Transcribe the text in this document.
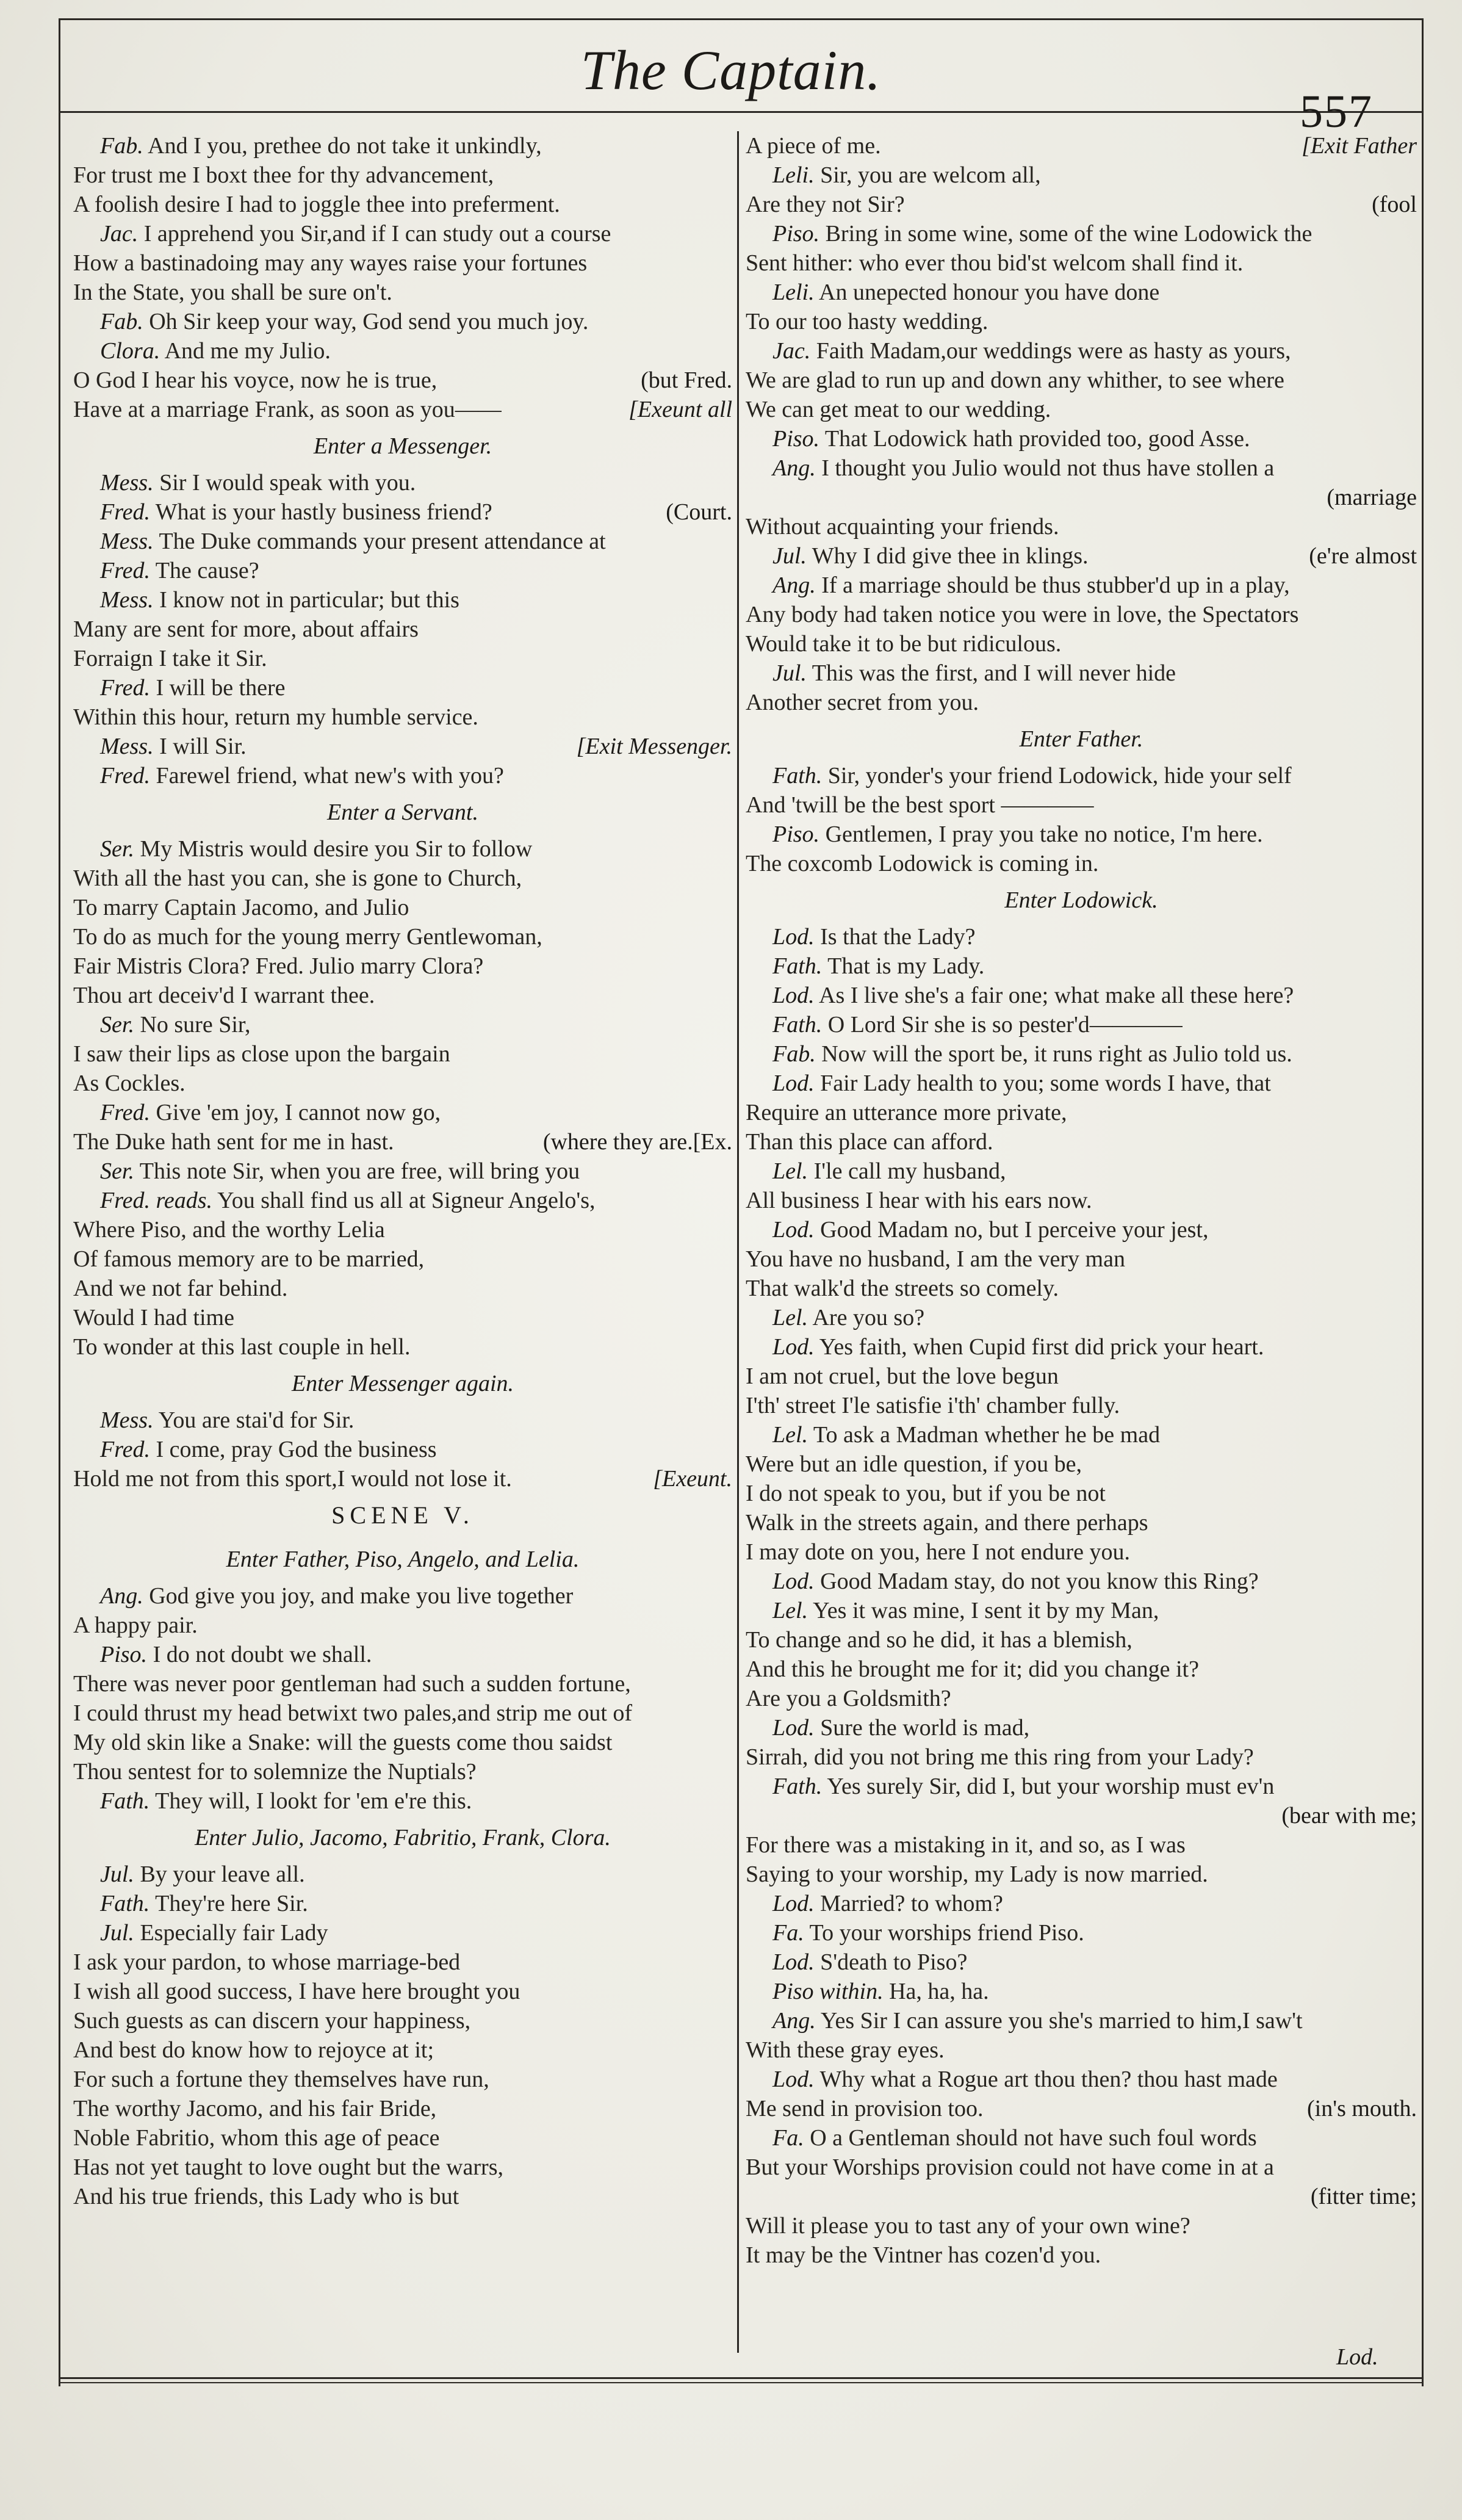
The Captain.
557
Fab. And I you, prethee do not take it unkindly,
For trust me I boxt thee for thy advancement,
A foolish desire I had to joggle thee into preferment.
Jac. I apprehend you Sir,and if I can study out a course
How a bastinadoing may any wayes raise your fortunes
In the State, you shall be sure on't.
Fab. Oh Sir keep your way, God send you much joy.
Clora. And me my Julio.
O God I hear his voyce, now he is true,	(but Fred.
Have at a marriage Frank, as soon as you——	[Exeunt all
Enter a Messenger.
Mess. Sir I would speak with you.
Fred. What is your hastly business friend?	(Court.
Mess. The Duke commands your present attendance at
Fred. The cause?
Mess. I know not in particular; but this
Many are sent for more, about affairs
Forraign I take it Sir.
Fred. I will be there
Within this hour, return my humble service.
Mess. I will Sir.	[Exit Messenger.
Fred. Farewel friend, what new's with you?
Enter a Servant.
Ser. My Mistris would desire you Sir to follow
With all the hast you can, she is gone to Church,
To marry Captain Jacomo, and Julio
To do as much for the young merry Gentlewoman,
Fair Mistris Clora? Fred. Julio marry Clora?
Thou art deceiv'd I warrant thee.
Ser. No sure Sir,
I saw their lips as close upon the bargain
As Cockles.
Fred. Give 'em joy, I cannot now go,
The Duke hath sent for me in hast.	(where they are.[Ex.
Ser. This note Sir, when you are free, will bring you
Fred. reads. You shall find us all at Signeur Angelo's,
Where Piso, and the worthy Lelia
Of famous memory are to be married,
And we not far behind.
Would I had time
To wonder at this last couple in hell.
Enter Messenger again.
Mess. You are stai'd for Sir.
Fred. I come, pray God the business
Hold me not from this sport,I would not lose it.	[Exeunt.
SCENE V.
Enter Father, Piso, Angelo, and Lelia.
Ang. God give you joy, and make you live together
A happy pair.
Piso. I do not doubt we shall.
There was never poor gentleman had such a sudden fortune,
I could thrust my head betwixt two pales,and strip me out of
My old skin like a Snake: will the guests come thou saidst
Thou sentest for to solemnize the Nuptials?
Fath. They will, I lookt for 'em e're this.
Enter Julio, Jacomo, Fabritio, Frank, Clora.
Jul. By your leave all.
Fath. They're here Sir.
Jul. Especially fair Lady
I ask your pardon, to whose marriage-bed
I wish all good success, I have here brought you
Such guests as can discern your happiness,
And best do know how to rejoyce at it;
For such a fortune they themselves have run,
The worthy Jacomo, and his fair Bride,
Noble Fabritio, whom this age of peace
Has not yet taught to love ought but the warrs,
And his true friends, this Lady who is but
A piece of me.	[Exit Father
Leli. Sir, you are welcom all,
Are they not Sir?	(fool
Piso. Bring in some wine, some of the wine Lodowick the
Sent hither: who ever thou bid'st welcom shall find it.
Leli. An unepected honour you have done
To our too hasty wedding.
Jac. Faith Madam,our weddings were as hasty as yours,
We are glad to run up and down any whither, to see where
We can get meat to our wedding.
Piso. That Lodowick hath provided too, good Asse.
Ang. I thought you Julio would not thus have stollen a
(marriage
Without acquainting your friends.
Jul. Why I did give thee in klings.	(e're almost
Ang. If a marriage should be thus stubber'd up in a play,
Any body had taken notice you were in love, the Spectators
Would take it to be but ridiculous.
Jul. This was the first, and I will never hide
Another secret from you.
Enter Father.
Fath. Sir, yonder's your friend Lodowick, hide your self
And 'twill be the best sport ————
Piso. Gentlemen, I pray you take no notice, I'm here.
The coxcomb Lodowick is coming in.
Enter Lodowick.
Lod. Is that the Lady?
Fath. That is my Lady.
Lod. As I live she's a fair one; what make all these here?
Fath. O Lord Sir she is so pester'd————
Fab. Now will the sport be, it runs right as Julio told us.
Lod. Fair Lady health to you; some words I have, that
Require an utterance more private,
Than this place can afford.
Lel. I'le call my husband,
All business I hear with his ears now.
Lod. Good Madam no, but I perceive your jest,
You have no husband, I am the very man
That walk'd the streets so comely.
Lel. Are you so?
Lod. Yes faith, when Cupid first did prick your heart.
I am not cruel, but the love begun
I'th' street I'le satisfie i'th' chamber fully.
Lel. To ask a Madman whether he be mad
Were but an idle question, if you be,
I do not speak to you, but if you be not
Walk in the streets again, and there perhaps
I may dote on you, here I not endure you.
Lod. Good Madam stay, do not you know this Ring?
Lel. Yes it was mine, I sent it by my Man,
To change and so he did, it has a blemish,
And this he brought me for it; did you change it?
Are you a Goldsmith?
Lod. Sure the world is mad,
Sirrah, did you not bring me this ring from your Lady?
Fath. Yes surely Sir, did I, but your worship must ev'n
(bear with me;
For there was a mistaking in it, and so, as I was
Saying to your worship, my Lady is now married.
Lod. Married? to whom?
Fa. To your worships friend Piso.
Lod. S'death to Piso?
Piso within. Ha, ha, ha.
Ang. Yes Sir I can assure you she's married to him,I saw't
With these gray eyes.
Lod. Why what a Rogue art thou then? thou hast made
Me send in provision too.	(in's mouth.
Fa. O a Gentleman should not have such foul words
But your Worships provision could not have come in at a
(fitter time;
Will it please you to tast any of your own wine?
It may be the Vintner has cozen'd you.
Lod.
